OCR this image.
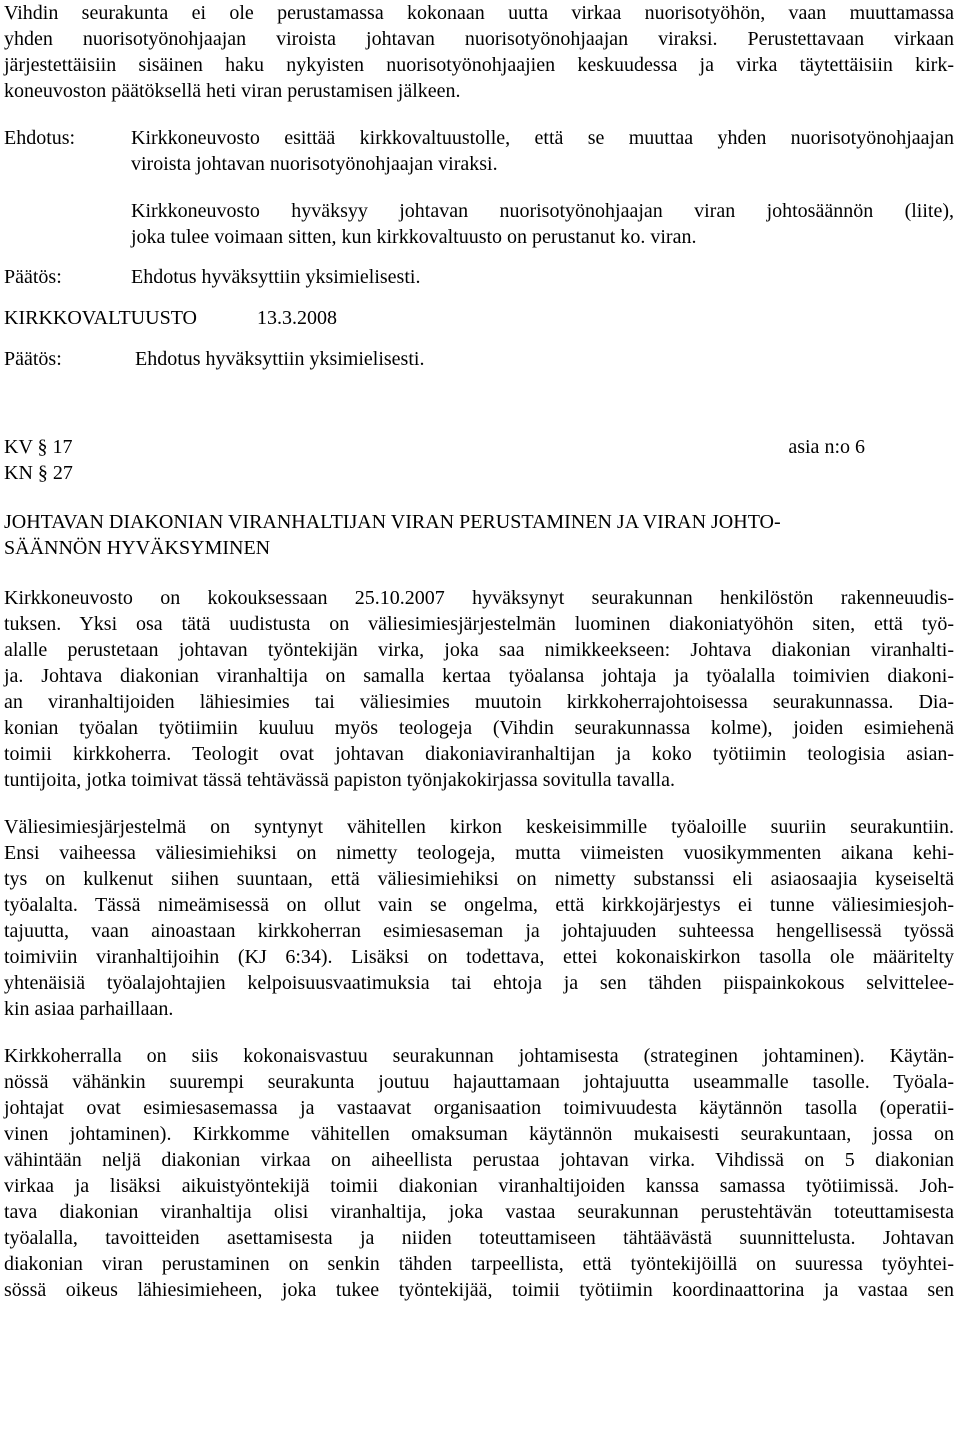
Vihdin seurakunta ei ole perustamassa kokonaan uutta virkaa nuorisotyöhön, vaan muuttamassa
yhden nuorisotyönohjaajan viroista johtavan nuorisotyönohjaajan viraksi. Perustettavaan virkaan
järjestettäisiin sisäinen haku nykyisten nuorisotyönohjaajien keskuudessa ja virka täytettäisiin kirk-
koneuvoston päätöksellä heti viran perustamisen jälkeen.
Ehdotus:	Kirkkoneuvosto esittää kirkkovaltuustolle, että se muuttaa yhden nuorisotyönohjaajan
viroista johtavan nuorisotyönohjaajan viraksi.
Kirkkoneuvosto hyväksyy johtavan nuorisotyönohjaajan viran johtosäännön (liite),
joka tulee voimaan sitten, kun kirkkovaltuusto on perustanut ko. viran.
Päätös:	Ehdotus hyväksyttiin yksimielisesti.
KIRKKOVALTUUSTO	13.3.2008
Päätös:	Ehdotus hyväksyttiin yksimielisesti.
KV § 17	asia n:o 6
KN § 27
JOHTAVAN DIAKONIAN VIRANHALTIJAN VIRAN PERUSTAMINEN JA VIRAN JOHTO-
SÄÄNNÖN HYVÄKSYMINEN
Kirkkoneuvosto on kokouksessaan 25.10.2007 hyväksynyt seurakunnan henkilöstön rakenneuudis-
tuksen. Yksi osa tätä uudistusta on väliesimiesjärjestelmän luominen diakoniatyöhön siten, että työ-
alalle perustetaan johtavan työntekijän virka, joka saa nimikkeekseen: Johtava diakonian viranhalti-
ja. Johtava diakonian viranhaltija on samalla kertaa työalansa johtaja ja työalalla toimivien diakoni-
an viranhaltijoiden lähiesimies tai väliesimies muutoin kirkkoherrajohtoisessa seurakunnassa. Dia-
konian työalan työtiimiin kuuluu myös teologeja (Vihdin seurakunnassa kolme), joiden esimiehenä
toimii kirkkoherra. Teologit ovat johtavan diakoniaviranhaltijan ja koko työtiimin teologisia asian-
tuntijoita, jotka toimivat tässä tehtävässä papiston työnjakokirjassa sovitulla tavalla.
Väliesimiesjärjestelmä on syntynyt vähitellen kirkon keskeisimmille työaloille suuriin seurakuntiin.
Ensi vaiheessa väliesimiehiksi on nimetty teologeja, mutta viimeisten vuosikymmenten aikana kehi-
tys on kulkenut siihen suuntaan, että väliesimiehiksi on nimetty substanssi eli asiaosaajia kyseiseltä
työalalta. Tässä nimeämisessä on ollut vain se ongelma, että kirkkojärjestys ei tunne väliesimiesjoh-
tajuutta, vaan ainoastaan kirkkoherran esimiesaseman ja johtajuuden suhteessa hengellisessä työssä
toimiviin viranhaltijoihin (KJ 6:34). Lisäksi on todettava, ettei kokonaiskirkon tasolla ole määritelty
yhtenäisiä työalajohtajien kelpoisuusvaatimuksia tai ehtoja ja sen tähden piispainkokous selvitteleе-
kin asiaa parhaillaan.
Kirkkoherralla on siis kokonaisvastuu seurakunnan johtamisesta (strateginen johtaminen). Käytän-
nössä vähänkin suurempi seurakunta joutuu hajauttamaan johtajuutta useammalle tasolle. Työala-
johtajat ovat esimiesasemassa ja vastaavat organisaation toimivuudesta käytännön tasolla (operatii-
vinen johtaminen). Kirkkomme vähitellen omaksuman käytännön mukaisesti seurakuntaan, jossa on
vähintään neljä diakonian virkaa on aiheellista perustaa johtavan virka. Vihdissä on 5 diakonian
virkaa ja lisäksi aikuistyöntekijä toimii diakonian viranhaltijoiden kanssa samassa työtiimissä. Joh-
tava diakonian viranhaltija olisi viranhaltija, joka vastaa seurakunnan perustehtävän toteuttamisesta
työalalla, tavoitteiden asettamisesta ja niiden toteuttamiseen tähtäävästä suunnittelusta. Johtavan
diakonian viran perustaminen on senkin tähden tarpeellista, että työntekijöillä on suuressa työyhtei-
sössä oikeus lähiesimieheen, joka tukee työntekijää, toimii työtiimin koordinaattorina ja vastaa sen
